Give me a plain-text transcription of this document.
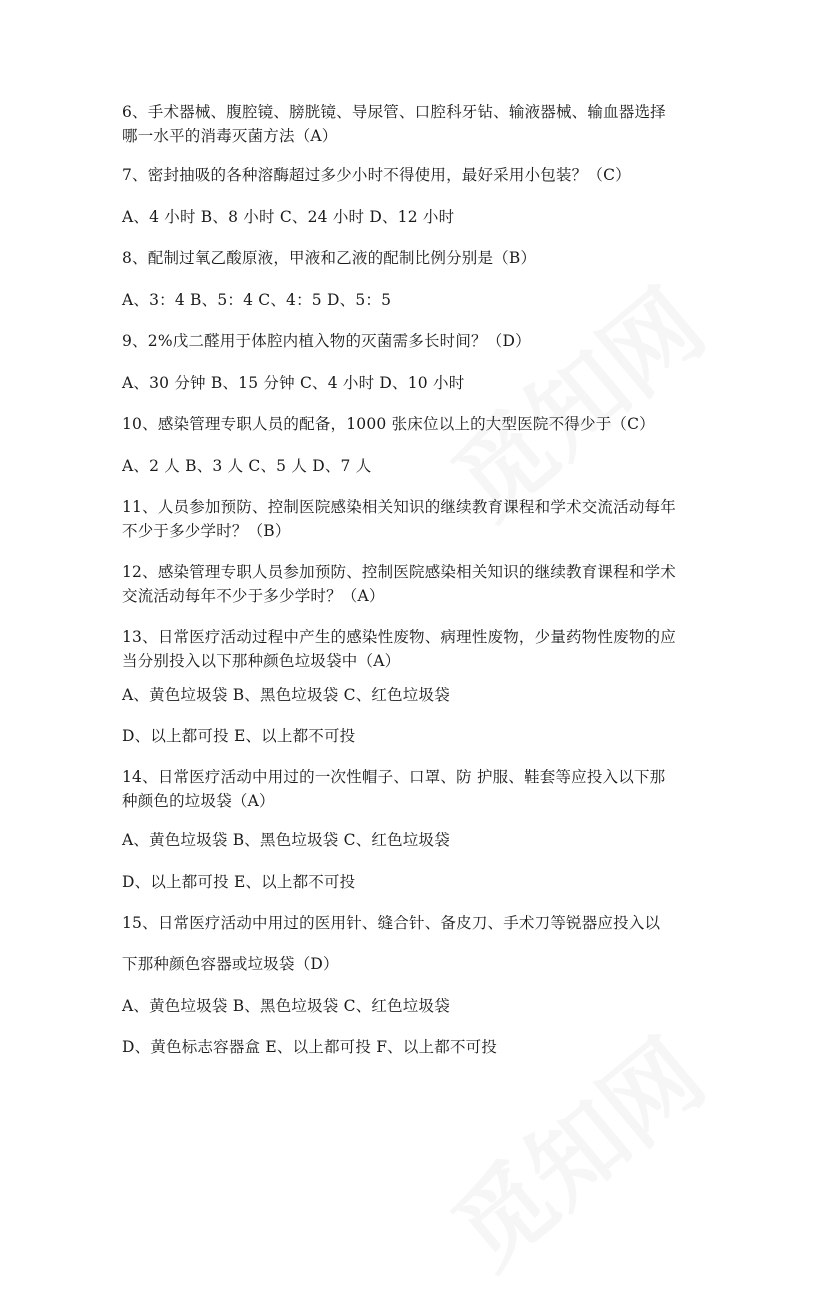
6、手术器械、腹腔镜、膀胱镜、导尿管、口腔科牙钻、输液器械、输血器选择
哪一水平的消毒灭菌方法（A）
7、密封抽吸的各种溶酶超过多少小时不得使用，最好采用小包装？（C）
A、4 小时 B、8 小时 C、24 小时 D、12 小时
8、配制过氧乙酸原液，甲液和乙液的配制比例分别是（B）
A、3：4 B、5：4 C、4：5 D、5：5
9、2%戊二醛用于体腔内植入物的灭菌需多长时间？（D）
A、30 分钟 B、15 分钟 C、4 小时 D、10 小时
10、感染管理专职人员的配备，1000 张床位以上的大型医院不得少于（C）
A、2 人 B、3 人 C、5 人 D、7 人
11、人员参加预防、控制医院感染相关知识的继续教育课程和学术交流活动每年
不少于多少学时？（B）
12、感染管理专职人员参加预防、控制医院感染相关知识的继续教育课程和学术
交流活动每年不少于多少学时？（A）
13、日常医疗活动过程中产生的感染性废物、病理性废物，少量药物性废物的应
当分别投入以下那种颜色垃圾袋中（A）
A、黄色垃圾袋 B、黑色垃圾袋 C、红色垃圾袋
D、以上都可投 E、以上都不可投
14、日常医疗活动中用过的一次性帽子、口罩、防 护服、鞋套等应投入以下那
种颜色的垃圾袋（A）
A、黄色垃圾袋 B、黑色垃圾袋 C、红色垃圾袋
D、以上都可投 E、以上都不可投
15、日常医疗活动中用过的医用针、缝合针、备皮刀、手术刀等锐器应投入以
下那种颜色容器或垃圾袋（D）
A、黄色垃圾袋 B、黑色垃圾袋 C、红色垃圾袋
D、黄色标志容器盒 E、以上都可投 F、以上都不可投
